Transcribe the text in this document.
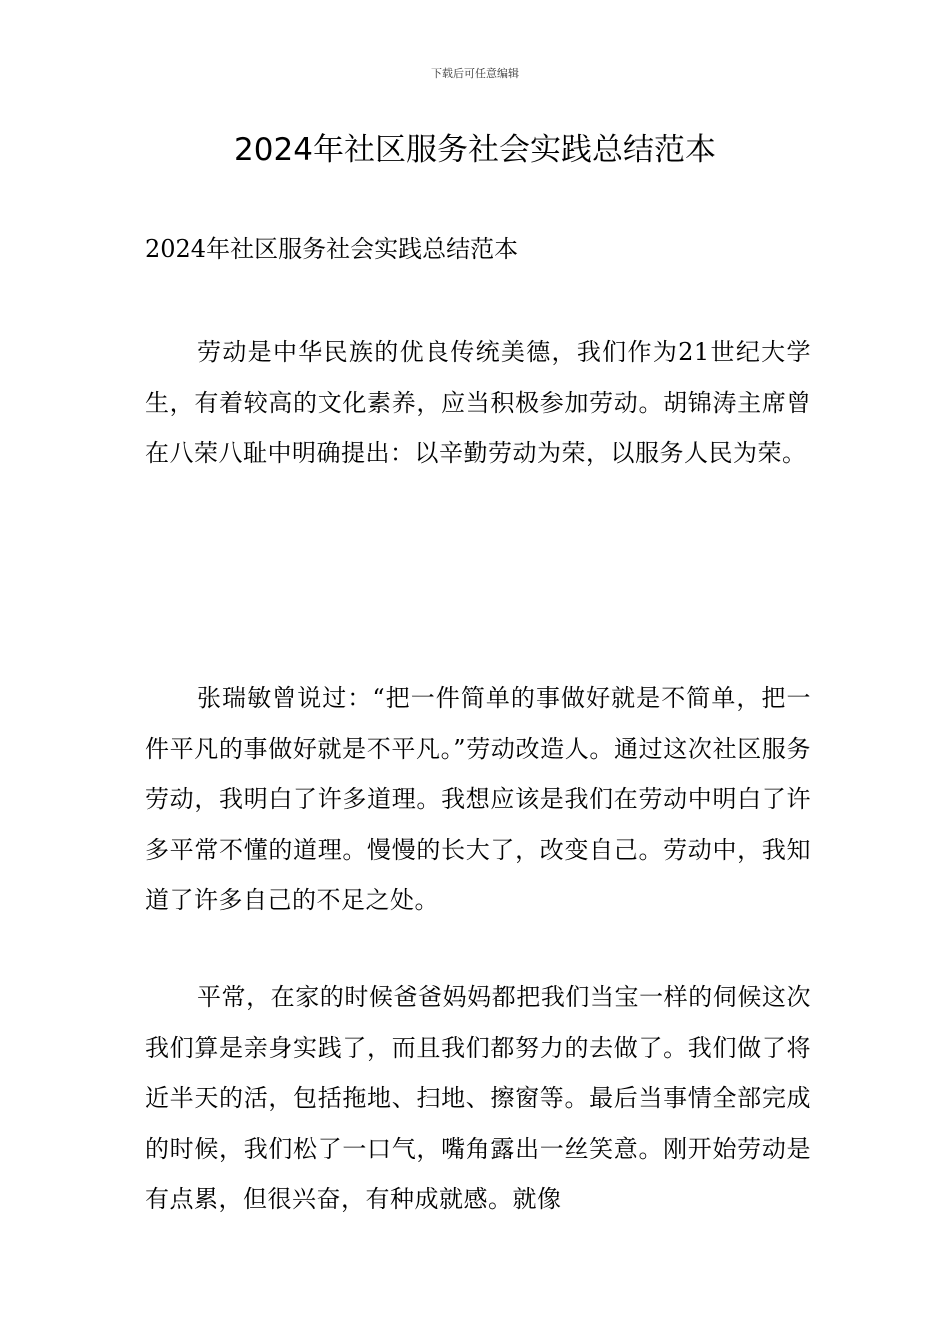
下载后可任意编辑
2024年社区服务社会实践总结范本

2024年社区服务社会实践总结范本

劳动是中华民族的优良传统美德，我们作为21世纪大学生，有着较高的文化素养，应当积极参加劳动。胡锦涛主席曾在八荣八耻中明确提出：以辛勤劳动为荣，以服务人民为荣。

张瑞敏曾说过：“把一件简单的事做好就是不简单，把一件平凡的事做好就是不平凡。”劳动改造人。通过这次社区服务劳动，我明白了许多道理。我想应该是我们在劳动中明白了许多平常不懂的道理。慢慢的长大了，改变自己。劳动中，我知道了许多自己的不足之处。

平常，在家的时候爸爸妈妈都把我们当宝一样的伺候这次我们算是亲身实践了，而且我们都努力的去做了。我们做了将近半天的活，包括拖地、扫地、擦窗等。最后当事情全部完成的时候，我们松了一口气，嘴角露出一丝笑意。刚开始劳动是有点累，但很兴奋，有种成就感。就像
